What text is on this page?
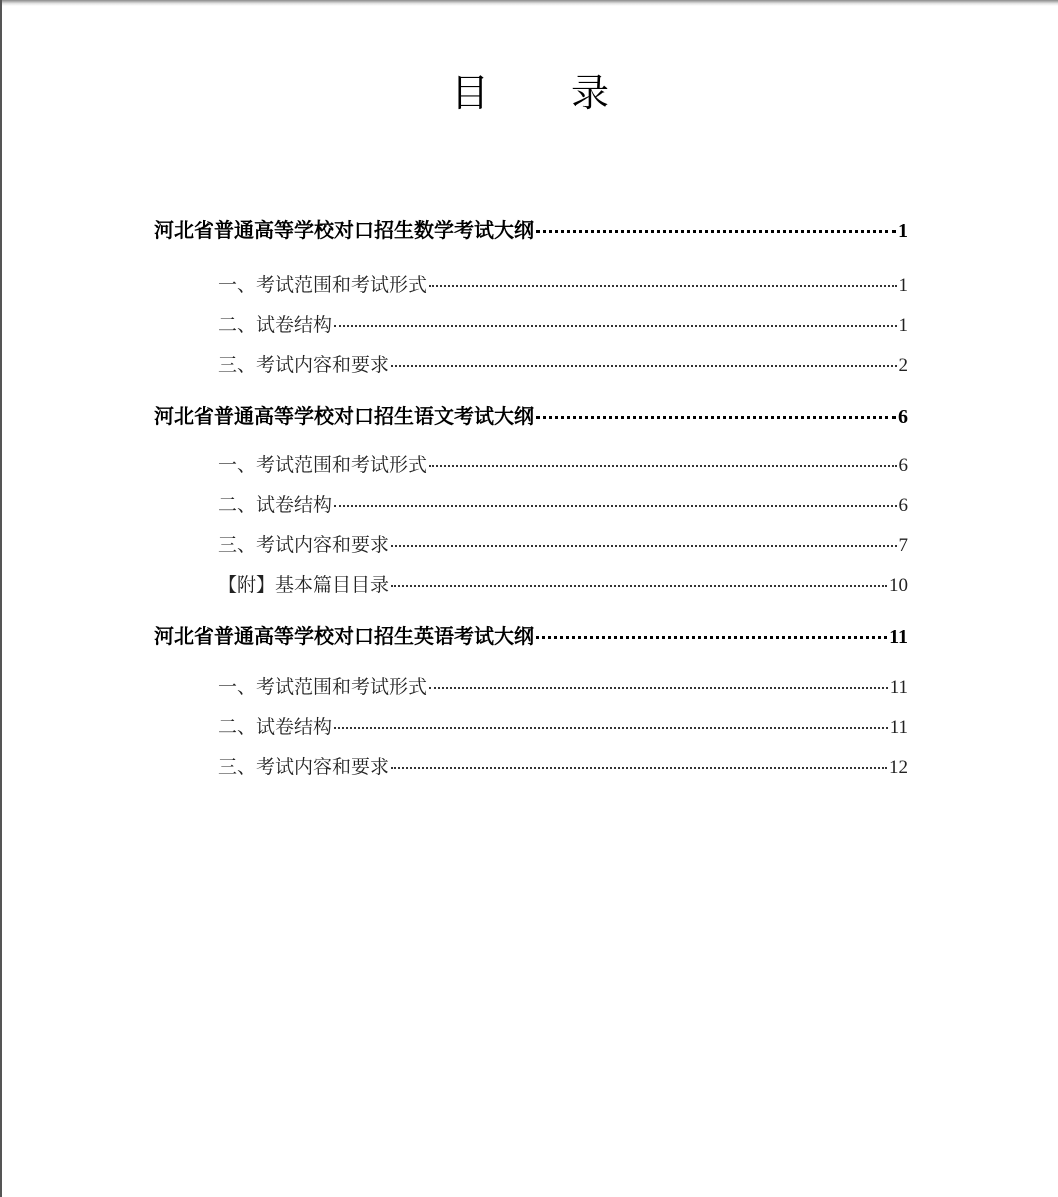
目　　录
河北省普通高等学校对口招生数学考试大纲	1
一、考试范围和考试形式	1
二、试卷结构	1
三、考试内容和要求	2
河北省普通高等学校对口招生语文考试大纲	6
一、考试范围和考试形式	6
二、试卷结构	6
三、考试内容和要求	7
【附】基本篇目目录	10
河北省普通高等学校对口招生英语考试大纲	11
一、考试范围和考试形式	11
二、试卷结构	11
三、考试内容和要求	12
